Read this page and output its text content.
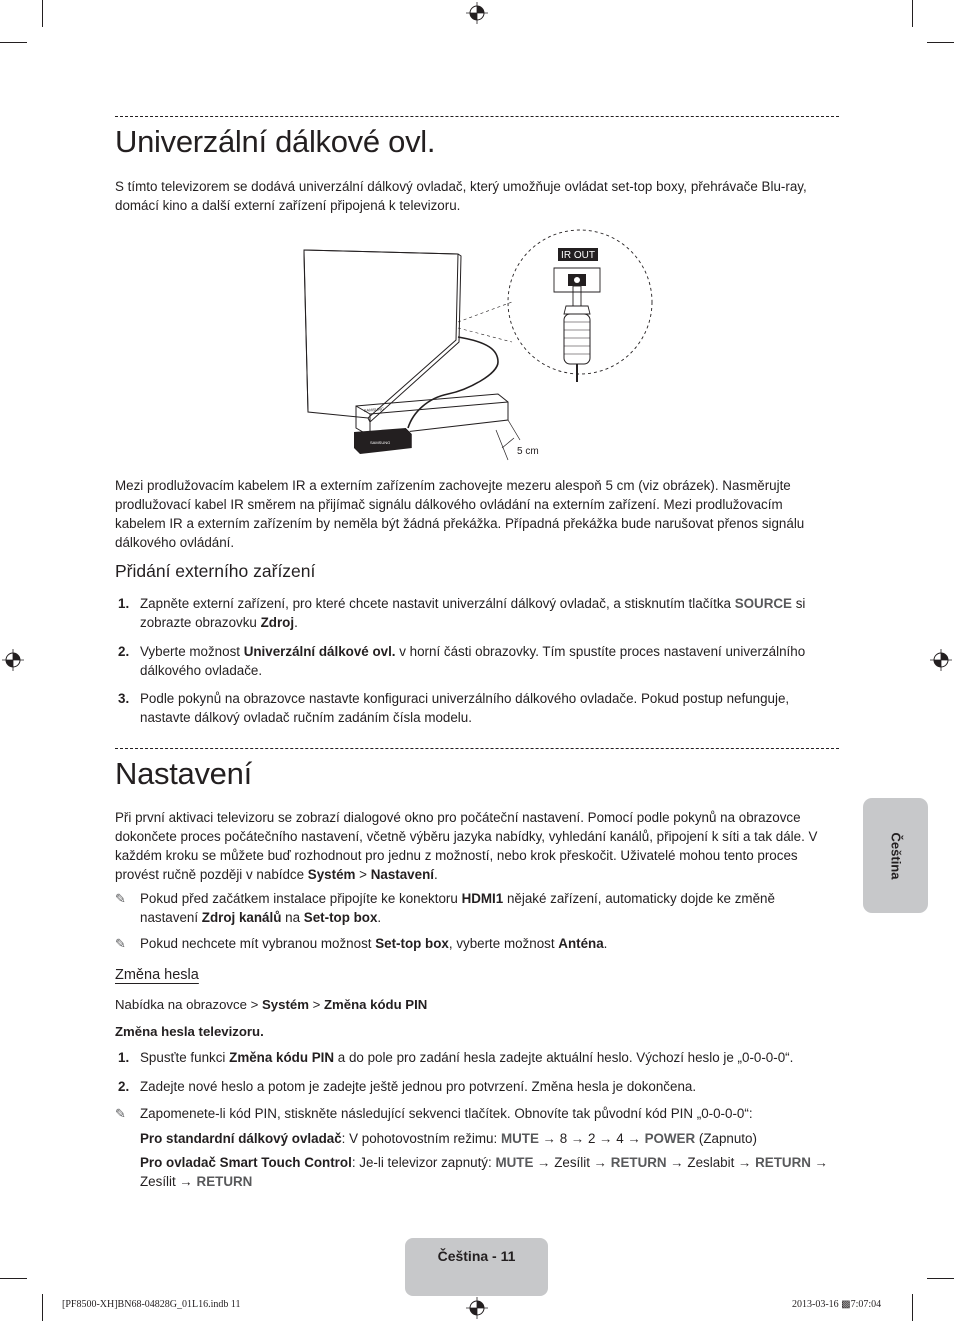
Univerzální dálkové ovl.

S tímto televizorem se dodává univerzální dálkový ovladač, který umožňuje ovládat set-top boxy, přehrávače Blu-ray, domácí kino a další externí zařízení připojená k televizoru.

IR OUT
SAMSUNG
SAMSUNG
5 cm

Mezi prodlužovacím kabelem IR a externím zařízením zachovejte mezeru alespoň 5 cm (viz obrázek). Nasměrujte prodlužovací kabel IR směrem na přijímač signálu dálkového ovládání na externím zařízení. Mezi prodlužovacím kabelem IR a externím zařízením by neměla být žádná překážka. Případná překážka bude narušovat přenos signálu dálkového ovládání.

Přidání externího zařízení
1. Zapněte externí zařízení, pro které chcete nastavit univerzální dálkový ovladač, a stisknutím tlačítka SOURCE si zobrazte obrazovku Zdroj.
2. Vyberte možnost Univerzální dálkové ovl. v horní části obrazovky. Tím spustíte proces nastavení univerzálního dálkového ovladače.
3. Podle pokynů na obrazovce nastavte konfiguraci univerzálního dálkového ovladače. Pokud postup nefunguje, nastavte dálkový ovladač ručním zadáním čísla modelu.
Nastavení

Při první aktivaci televizoru se zobrazí dialogové okno pro počáteční nastavení. Pomocí podle pokynů na obrazovce dokončete proces počátečního nastavení, včetně výběru jazyka nabídky, vyhledání kanálů, připojení k síti a tak dále. V každém kroku se můžete buď rozhodnout pro jednu z možností, nebo krok přeskočit. Uživatelé mohou tento proces provést ručně později v nabídce Systém > Nastavení.

✎ Pokud před začátkem instalace připojíte ke konektoru HDMI1 nějaké zařízení, automaticky dojde ke změně nastavení Zdroj kanálů na Set-top box.
✎ Pokud nechcete mít vybranou možnost Set-top box, vyberte možnost Anténa.
Změna hesla
Nabídka na obrazovce > Systém > Změna kódu PIN
Změna hesla televizoru.
1. Spusťte funkci Změna kódu PIN a do pole pro zadání hesla zadejte aktuální heslo. Výchozí heslo je „0-0-0-0“.
2. Zadejte nové heslo a potom je zadejte ještě jednou pro potvrzení. Změna hesla je dokončena.
✎ Zapomenete-li kód PIN, stiskněte následující sekvenci tlačítek. Obnovíte tak původní kód PIN „0-0-0-0“:
Pro standardní dálkový ovladač: V pohotovostním režimu: MUTE → 8 → 2 → 4 → POWER (Zapnuto)
Pro ovladač Smart Touch Control: Je-li televizor zapnutý: MUTE → Zesílit → RETURN → Zeslabit → RETURN → Zesílit → RETURN
Čeština
Čeština - 11
[PF8500-XH]BN68-04828G_01L16.indb 11	2013-03-16 ▩7:07:04
